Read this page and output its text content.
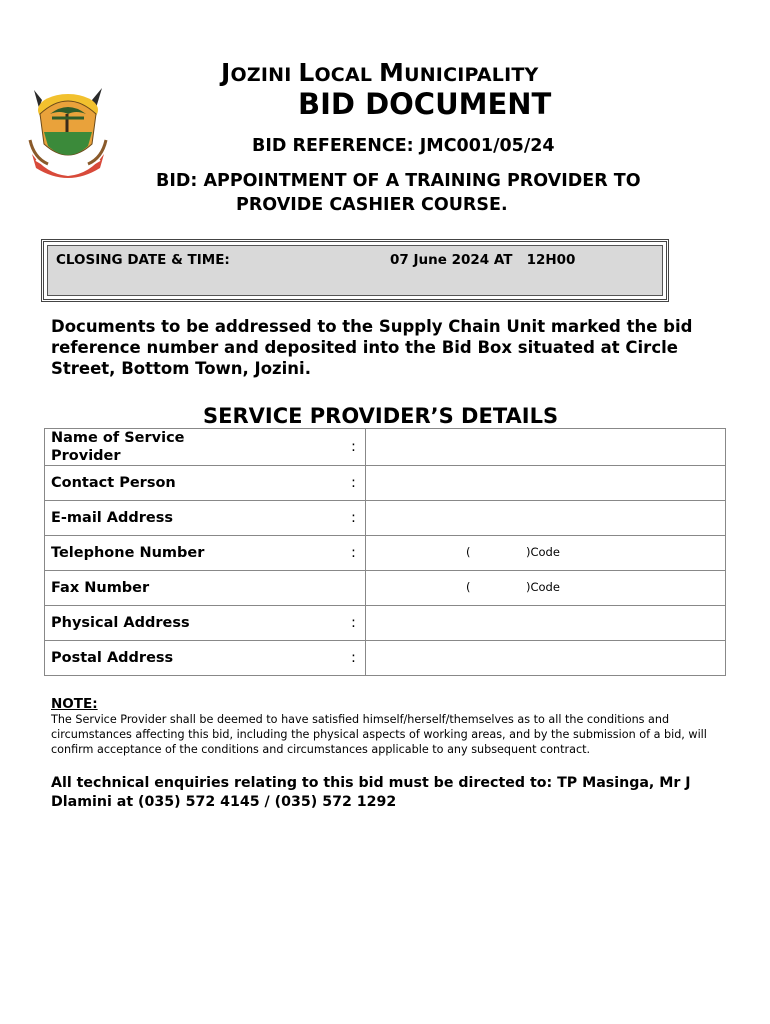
JOZINI LOCAL MUNICIPALITY
BID DOCUMENT
BID REFERENCE: JMC001/05/24
BID: APPOINTMENT OF A TRAINING PROVIDER TO
PROVIDE CASHIER COURSE.
CLOSING DATE & TIME:	07 June 2024 AT   12H00
Documents to be addressed to the Supply Chain Unit marked the bid reference number and deposited into the Bid Box situated at Circle Street, Bottom Town, Jozini.
SERVICE PROVIDER’S DETAILS
Name of Service
Provider	:	
Contact Person	:	
E-mail Address	:	
Telephone Number	:	( )Code

Fax Number		( )Code

Physical Address	:	
Postal Address	:	
NOTE:
The Service Provider shall be deemed to have satisfied himself/herself/themselves as to all the conditions and circumstances affecting this bid, including the physical aspects of working areas, and by the submission of a bid, will confirm acceptance of the conditions and circumstances applicable to any subsequent contract.
All technical enquiries relating to this bid must be directed to: TP Masinga, Mr J Dlamini at (035) 572 4145 / (035) 572 1292
